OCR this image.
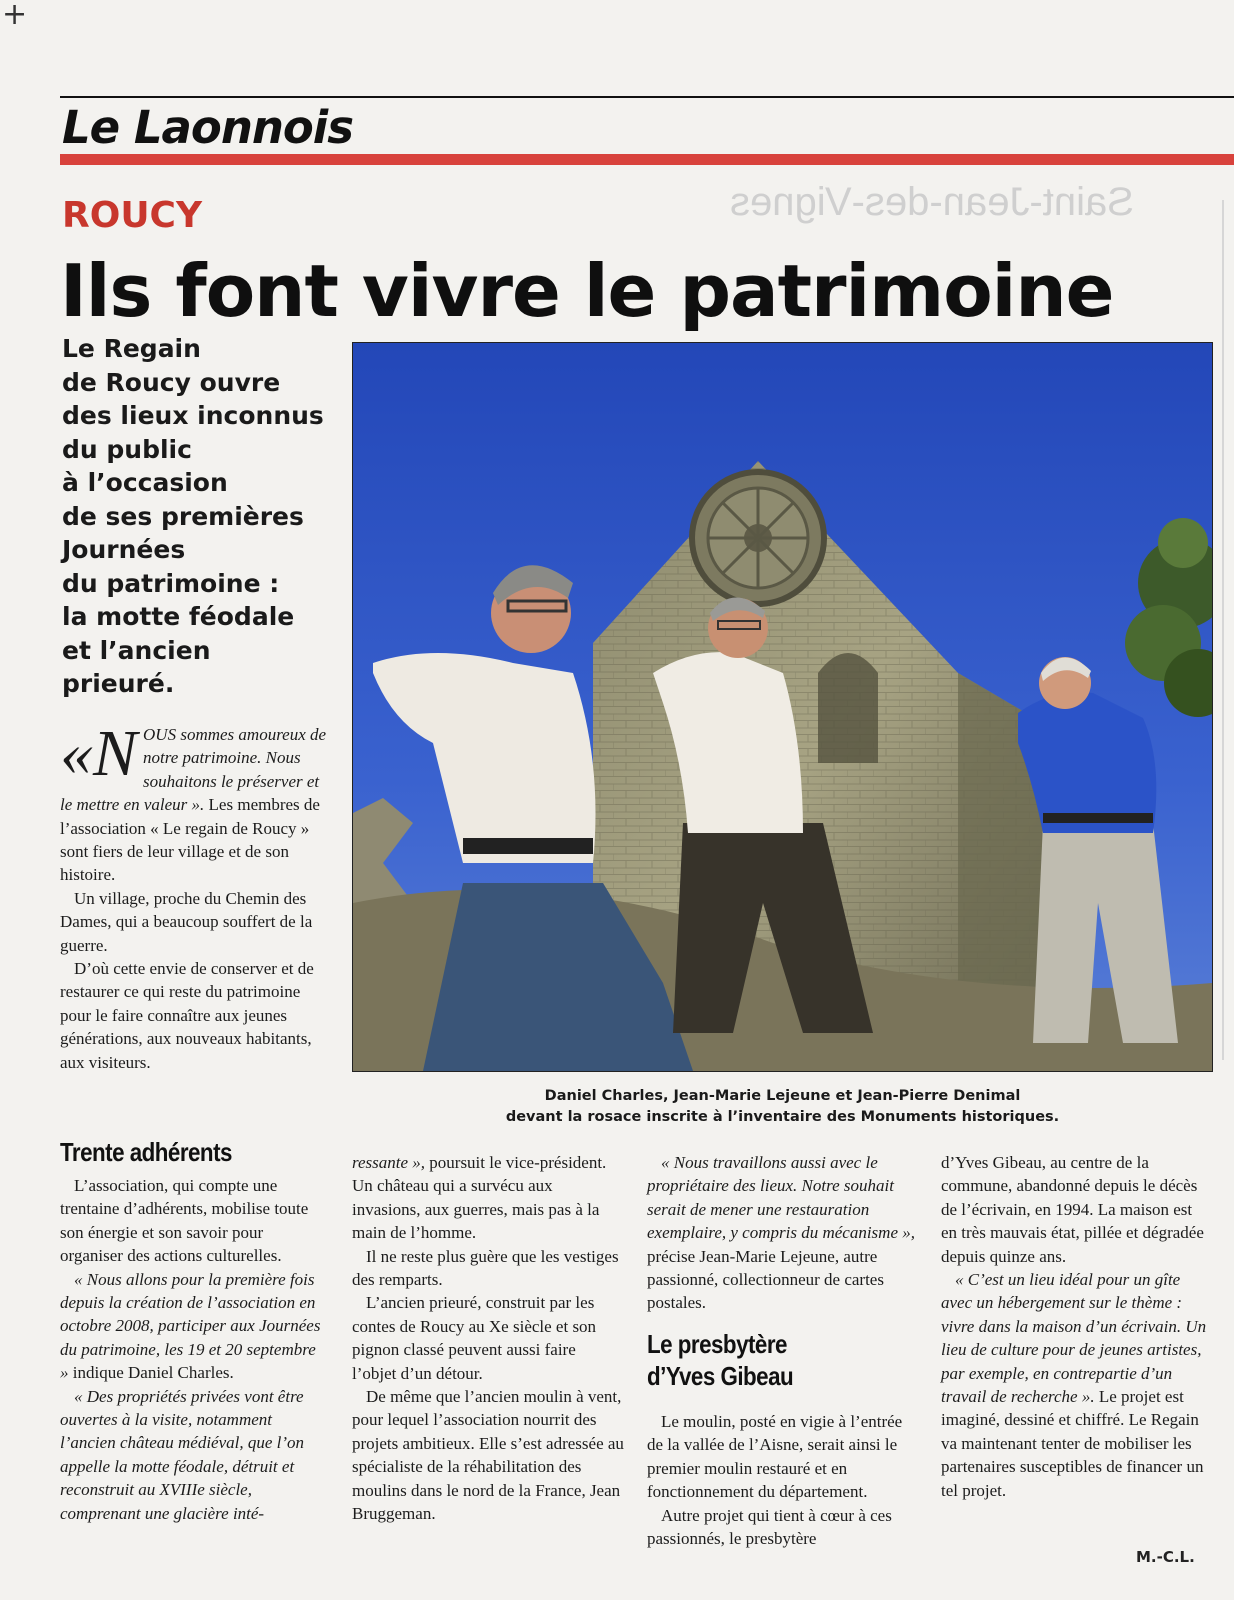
+
Le Laonnois
Saint-Jean-des-Vignes
ROUCY
Ils font vivre le patrimoine
Le Regain
de Roucy ouvre
des lieux inconnus
du public
à l’occasion
de ses premières
Journées
du patrimoine :
la motte féodale
et l’ancien
prieuré.
Daniel Charles, Jean-Marie Lejeune et Jean-Pierre Denimal
devant la rosace inscrite à l’inventaire des Monuments historiques.

«NOUS sommes amoureux de notre patrimoine. Nous souhaitons le préserver et le mettre en valeur ». Les membres de l’association « Le regain de Roucy » sont fiers de leur village et de son histoire.

Un village, proche du Chemin des Dames, qui a beaucoup souffert de la guerre.

D’où cette envie de conserver et de restaurer ce qui reste du patrimoine pour le faire connaître aux jeunes générations, aux nouveaux habitants, aux visiteurs.

Trente adhérents

L’association, qui compte une trentaine d’adhérents, mobilise toute son énergie et son savoir pour organiser des actions culturelles.

« Nous allons pour la première fois depuis la création de l’association en octobre 2008, participer aux Journées du patrimoine, les 19 et 20 septembre » indique Daniel Charles.

« Des propriétés privées vont être ouvertes à la visite, notamment l’ancien château médiéval, que l’on appelle la motte féodale, détruit et reconstruit au XVIIIe siècle, comprenant une glacière inté-

ressante », poursuit le vice-président. Un château qui a survécu aux invasions, aux guerres, mais pas à la main de l’homme.

Il ne reste plus guère que les vestiges des remparts.

L’ancien prieuré, construit par les contes de Roucy au Xe siècle et son pignon classé peuvent aussi faire l’objet d’un détour.

De même que l’ancien moulin à vent, pour lequel l’association nourrit des projets ambitieux. Elle s’est adressée au spécialiste de la réhabilitation des moulins dans le nord de la France, Jean Bruggeman.

« Nous travaillons aussi avec le propriétaire des lieux. Notre souhait serait de mener une restauration exemplaire, y compris du mécanisme », précise Jean-Marie Lejeune, autre passionné, collectionneur de cartes postales.

Le presbytère
d’Yves Gibeau

Le moulin, posté en vigie à l’entrée de la vallée de l’Aisne, serait ainsi le premier moulin restauré et en fonctionnement du département.

Autre projet qui tient à cœur à ces passionnés, le presbytère

d’Yves Gibeau, au centre de la commune, abandonné depuis le décès de l’écrivain, en 1994. La maison est en très mauvais état, pillée et dégradée depuis quinze ans.

« C’est un lieu idéal pour un gîte avec un hébergement sur le thème : vivre dans la maison d’un écrivain. Un lieu de culture pour de jeunes artistes, par exemple, en contrepartie d’un travail de recherche ». Le projet est imaginé, dessiné et chiffré. Le Regain va maintenant tenter de mobiliser les partenaires susceptibles de financer un tel projet.

M.-C.L.
